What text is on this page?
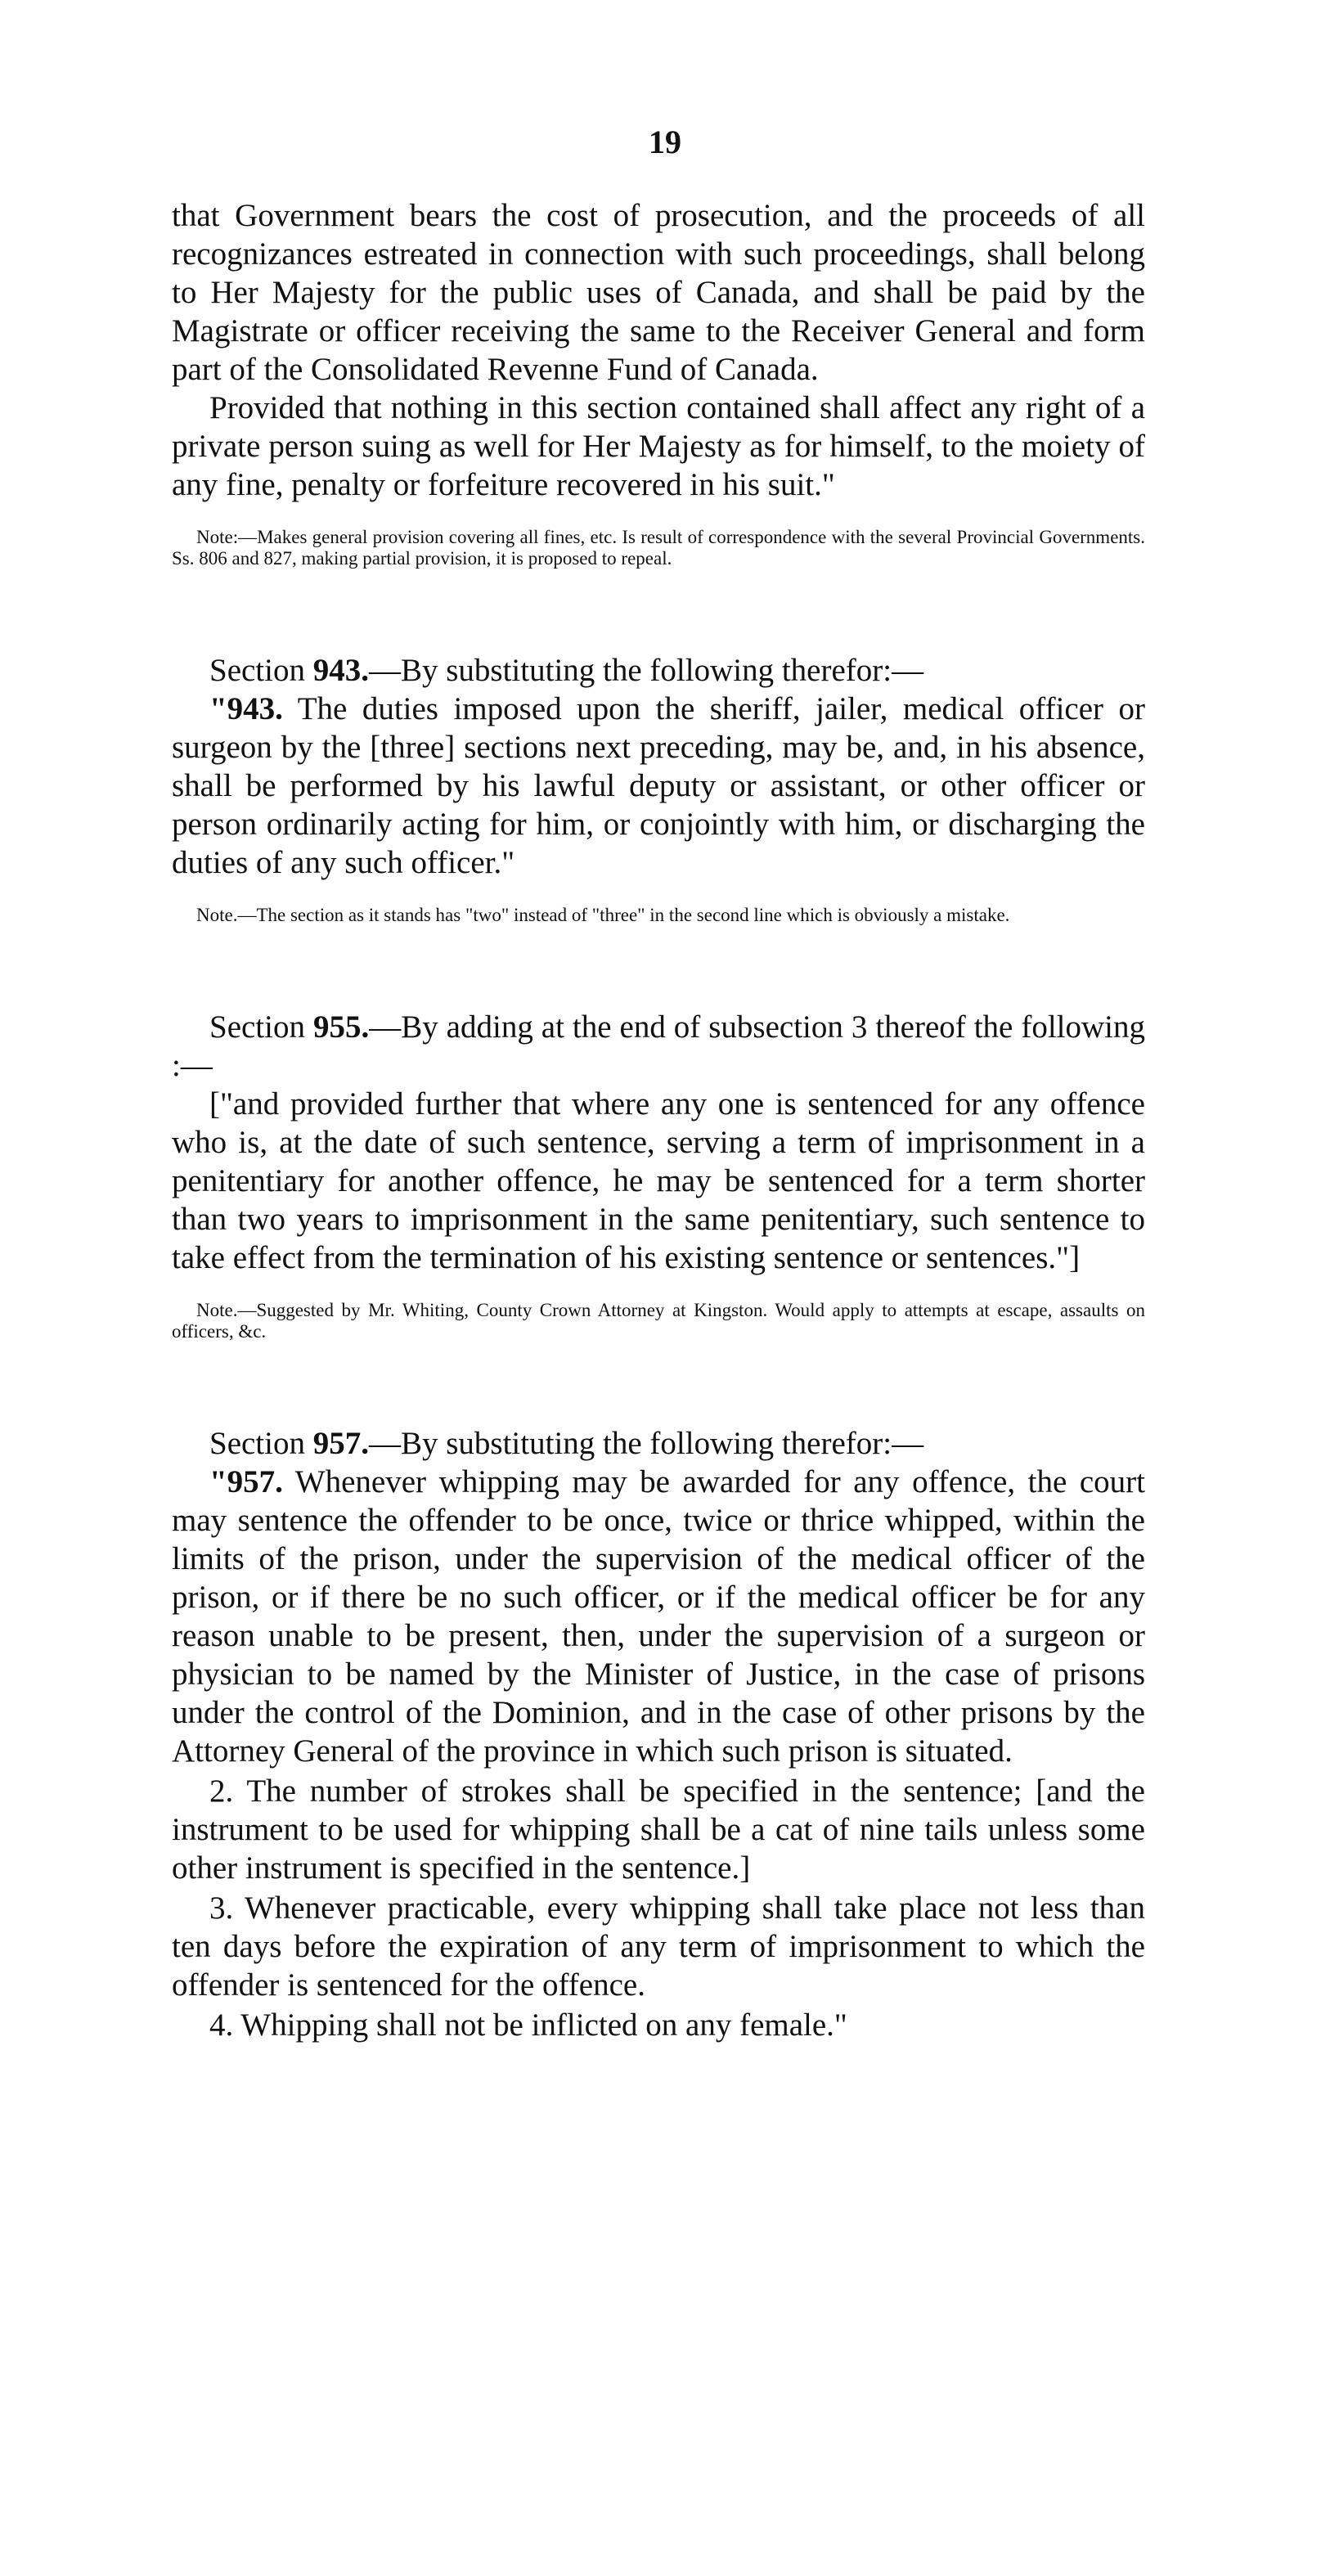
19

that Government bears the cost of prosecution, and the proceeds of all recognizances estreated in connection with such proceedings, shall belong to Her Majesty for the public uses of Canada, and shall be paid by the Magistrate or officer receiving the same to the Receiver General and form part of the Consolidated Revenne Fund of Canada.

Provided that nothing in this section contained shall affect any right of a private person suing as well for Her Majesty as for himself, to the moiety of any fine, penalty or forfeiture recovered in his suit."

Note:—Makes general provision covering all fines, etc. Is result of correspondence with the several Provincial Governments. Ss. 806 and 827, making partial provision, it is proposed to repeal.

Section 943.—By substituting the following therefor:—

"943. The duties imposed upon the sheriff, jailer, medical officer or surgeon by the [three] sections next preceding, may be, and, in his absence, shall be performed by his lawful deputy or assistant, or other officer or person ordinarily acting for him, or conjointly with him, or discharging the duties of any such officer."

Note.—The section as it stands has "two" instead of "three" in the second line which is obviously a mistake.

Section 955.—By adding at the end of subsection 3 thereof the following :—

["and provided further that where any one is sentenced for any offence who is, at the date of such sentence, serving a term of imprisonment in a penitentiary for another offence, he may be sentenced for a term shorter than two years to imprisonment in the same penitentiary, such sentence to take effect from the termination of his existing sentence or sentences."]

Note.—Suggested by Mr. Whiting, County Crown Attorney at Kingston. Would apply to attempts at escape, assaults on officers, &c.

Section 957.—By substituting the following therefor:—

"957. Whenever whipping may be awarded for any offence, the court may sentence the offender to be once, twice or thrice whipped, within the limits of the prison, under the supervision of the medical officer of the prison, or if there be no such officer, or if the medical officer be for any reason unable to be present, then, under the supervision of a surgeon or physician to be named by the Minister of Justice, in the case of prisons under the control of the Dominion, and in the case of other prisons by the Attorney General of the province in which such prison is situated.

2. The number of strokes shall be specified in the sentence; [and the instrument to be used for whipping shall be a cat of nine tails unless some other instrument is specified in the sentence.]

3. Whenever practicable, every whipping shall take place not less than ten days before the expiration of any term of imprisonment to which the offender is sentenced for the offence.

4. Whipping shall not be inflicted on any female."
